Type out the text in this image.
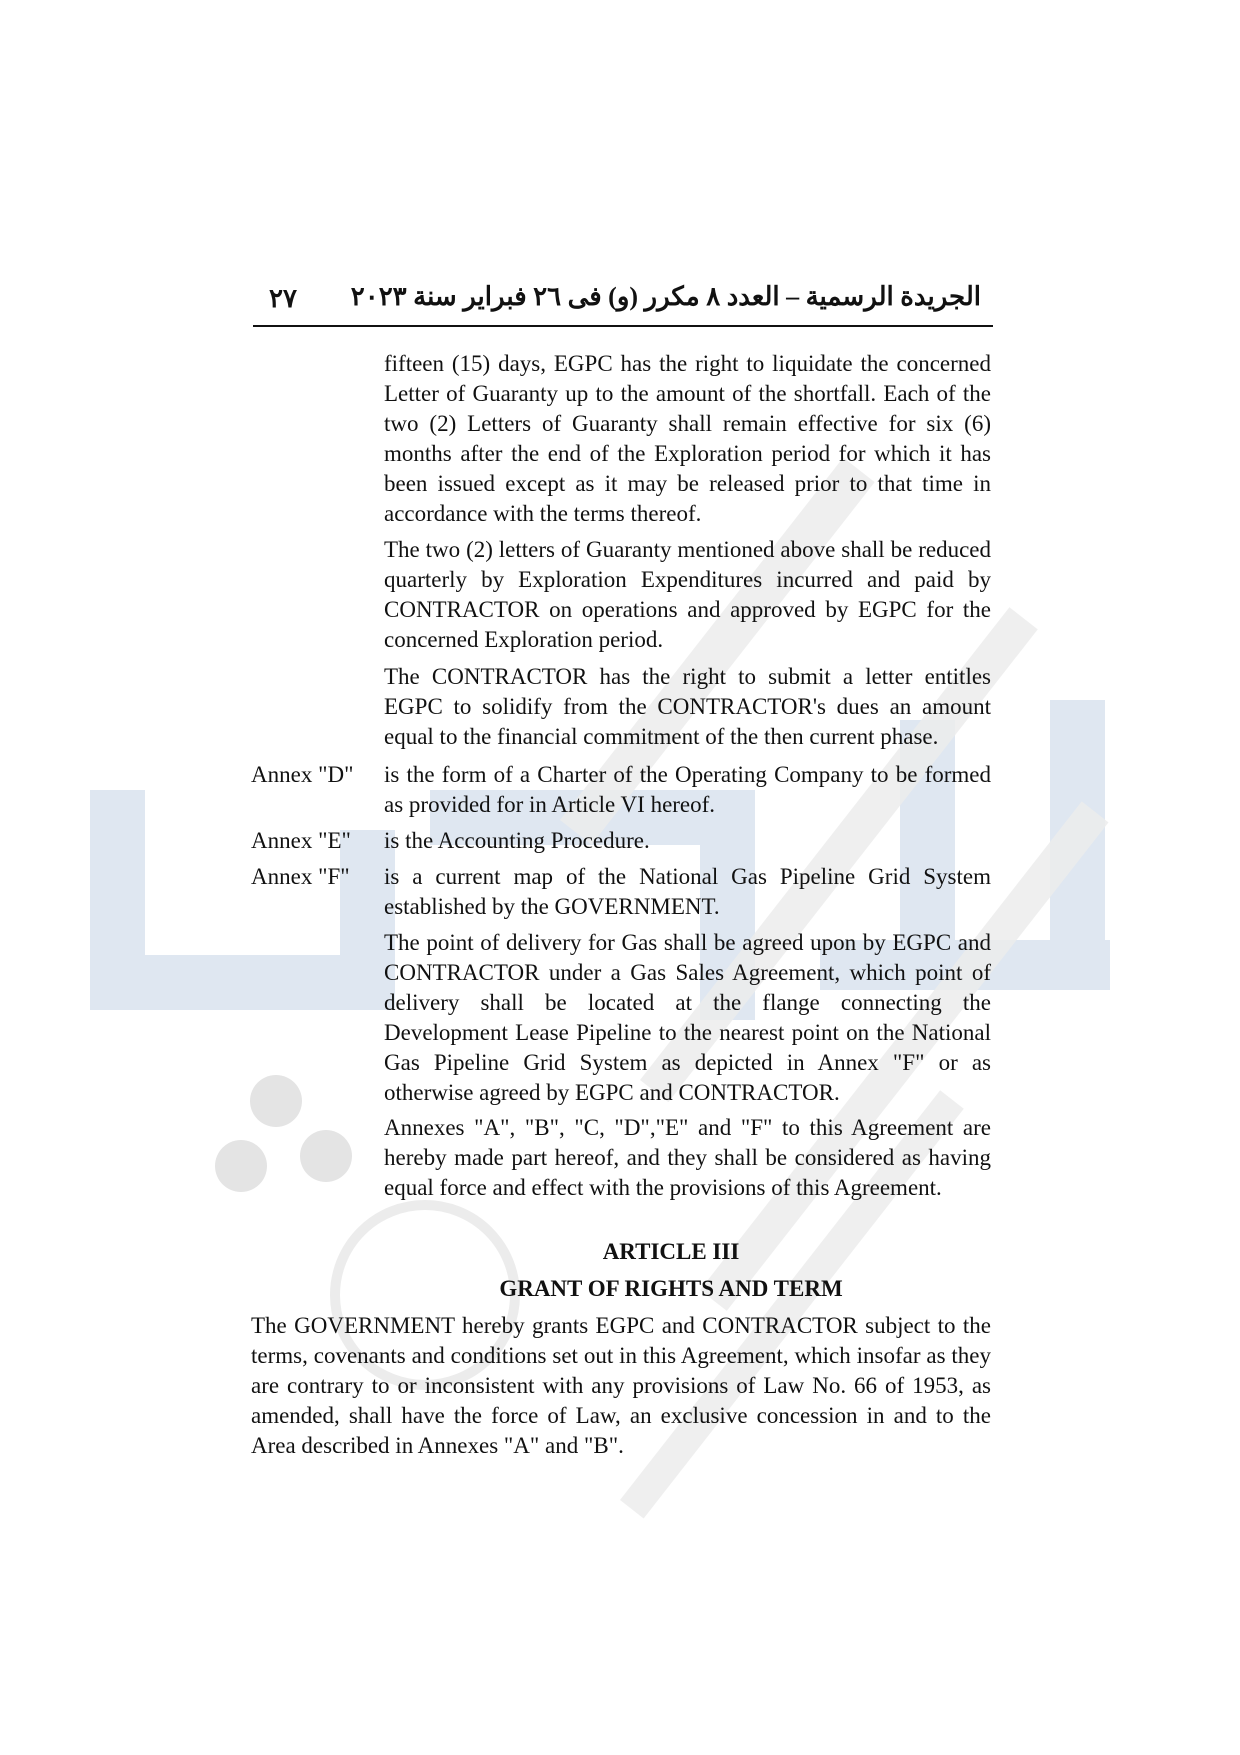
٢٧ الجريدة الرسمية – العدد ٨ مكرر (و) فى ٢٦ فبراير سنة ٢٠٢٣
fifteen (15) days, EGPC has the right to liquidate the concerned Letter of Guaranty up to the amount of the shortfall. Each of the two (2) Letters of Guaranty shall remain effective for six (6) months after the end of the Exploration period for which it has been issued except as it may be released prior to that time in accordance with the terms thereof.
The two (2) letters of Guaranty mentioned above shall be reduced quarterly by Exploration Expenditures incurred and paid by CONTRACTOR on operations and approved by EGPC for the concerned Exploration period.
The CONTRACTOR has the right to submit a letter entitles EGPC to solidify from the CONTRACTOR's dues an amount equal to the financial commitment of the then current phase.
Annex "D" is the form of a Charter of the Operating Company to be formed as provided for in Article VI hereof.
Annex "E" is the Accounting Procedure.
Annex "F" is a current map of the National Gas Pipeline Grid System established by the GOVERNMENT.
The point of delivery for Gas shall be agreed upon by EGPC and CONTRACTOR under a Gas Sales Agreement, which point of delivery shall be located at the flange connecting the Development Lease Pipeline to the nearest point on the National Gas Pipeline Grid System as depicted in Annex "F" or as otherwise agreed by EGPC and CONTRACTOR.
Annexes "A", "B", "C, "D","E" and "F" to this Agreement are hereby made part hereof, and they shall be considered as having equal force and effect with the provisions of this Agreement.
ARTICLE III
GRANT OF RIGHTS AND TERM
The GOVERNMENT hereby grants EGPC and CONTRACTOR subject to the terms, covenants and conditions set out in this Agreement, which insofar as they are contrary to or inconsistent with any provisions of Law No. 66 of 1953, as amended, shall have the force of Law, an exclusive concession in and to the Area described in Annexes "A" and "B".
